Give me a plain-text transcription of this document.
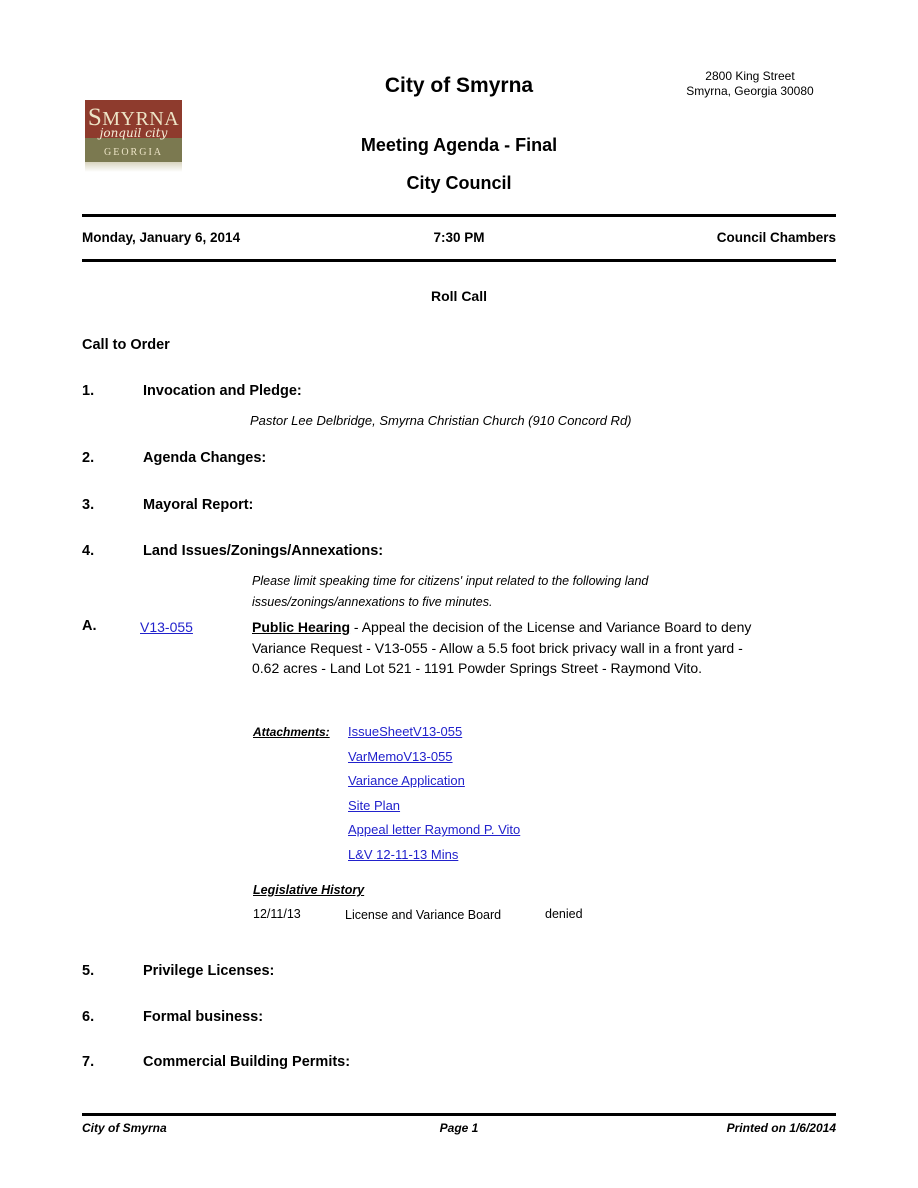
SMYRNA
jonquil city
GEORGIA
City of Smyrna	2800 King Street
Smyrna, Georgia 30080
Meeting Agenda - Final
City Council
Monday, January 6, 2014	7:30 PM	Council Chambers
Roll Call
Call to Order
1.	Invocation and Pledge:
Pastor Lee Delbridge, Smyrna Christian Church (910 Concord Rd)
2.	Agenda Changes:
3.	Mayoral Report:
4.	Land Issues/Zonings/Annexations:
Please limit speaking time for citizens' input related to the following land issues/zonings/annexations to five minutes.
A.	V13-055	Public Hearing - Appeal the decision of the License and Variance Board to deny Variance Request - V13-055 - Allow a 5.5 foot brick privacy wall in a front yard - 0.62 acres - Land Lot 521 - 1191 Powder Springs Street - Raymond Vito.
Attachments: IssueSheetV13-055
VarMemoV13-055
Variance Application
Site Plan
Appeal letter Raymond P. Vito
L&V 12-11-13 Mins
Legislative History
12/11/13	License and Variance Board	denied
5.	Privilege Licenses:
6.	Formal business:
7.	Commercial Building Permits:
City of Smyrna	Page 1	Printed on 1/6/2014
